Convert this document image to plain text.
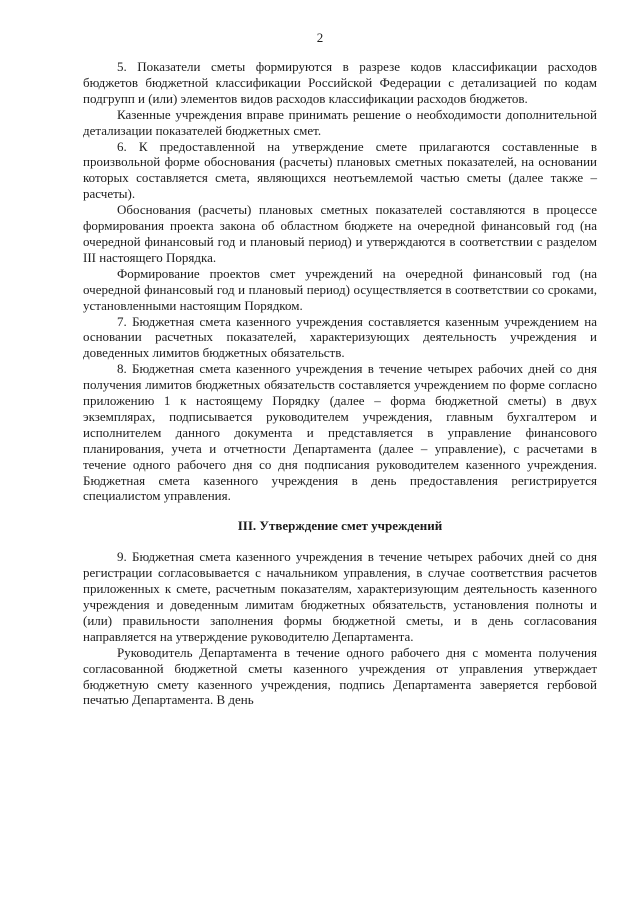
2

5. Показатели сметы формируются в разрезе кодов классификации расходов бюджетов бюджетной классификации Российской Федерации с детализацией по кодам подгрупп и (или) элементов видов расходов классификации расходов бюджетов.

Казенные учреждения вправе принимать решение о необходимости дополнительной детализации показателей бюджетных смет.

6. К предоставленной на утверждение смете прилагаются составленные в произвольной форме обоснования (расчеты) плановых сметных показателей, на основании которых составляется смета, являющихся неотъемлемой частью сметы (далее также – расчеты).

Обоснования (расчеты) плановых сметных показателей составляются в процессе формирования проекта закона об областном бюджете на очередной финансовый год (на очередной финансовый год и плановый период) и утверждаются в соответствии с разделом III настоящего Порядка.

Формирование проектов смет учреждений на очередной финансовый год (на очередной финансовый год и плановый период) осуществляется в соответствии со сроками, установленными настоящим Порядком.

7. Бюджетная смета казенного учреждения составляется казенным учреждением на основании расчетных показателей, характеризующих деятельность учреждения и доведенных лимитов бюджетных обязательств.

8. Бюджетная смета казенного учреждения в течение четырех рабочих дней со дня получения лимитов бюджетных обязательств составляется учреждением по форме согласно приложению 1 к настоящему Порядку (далее – форма бюджетной сметы) в двух экземплярах, подписывается руководителем учреждения, главным бухгалтером и исполнителем данного документа и представляется в управление финансового планирования, учета и отчетности Департамента (далее – управление), с расчетами в течение одного рабочего дня со дня подписания руководителем казенного учреждения. Бюджетная смета казенного учреждения в день предоставления регистрируется специалистом управления.

III. Утверждение смет учреждений

9. Бюджетная смета казенного учреждения в течение четырех рабочих дней со дня регистрации согласовывается с начальником управления, в случае соответствия расчетов приложенных к смете, расчетным показателям, характеризующим деятельность казенного учреждения и доведенным лимитам бюджетных обязательств, установления полноты и (или) правильности заполнения формы бюджетной сметы, и в день согласования направляется на утверждение руководителю Департамента.

Руководитель Департамента в течение одного рабочего дня с момента получения согласованной бюджетной сметы казенного учреждения от управления утверждает бюджетную смету казенного учреждения, подпись Департамента заверяется гербовой печатью Департамента. В день
